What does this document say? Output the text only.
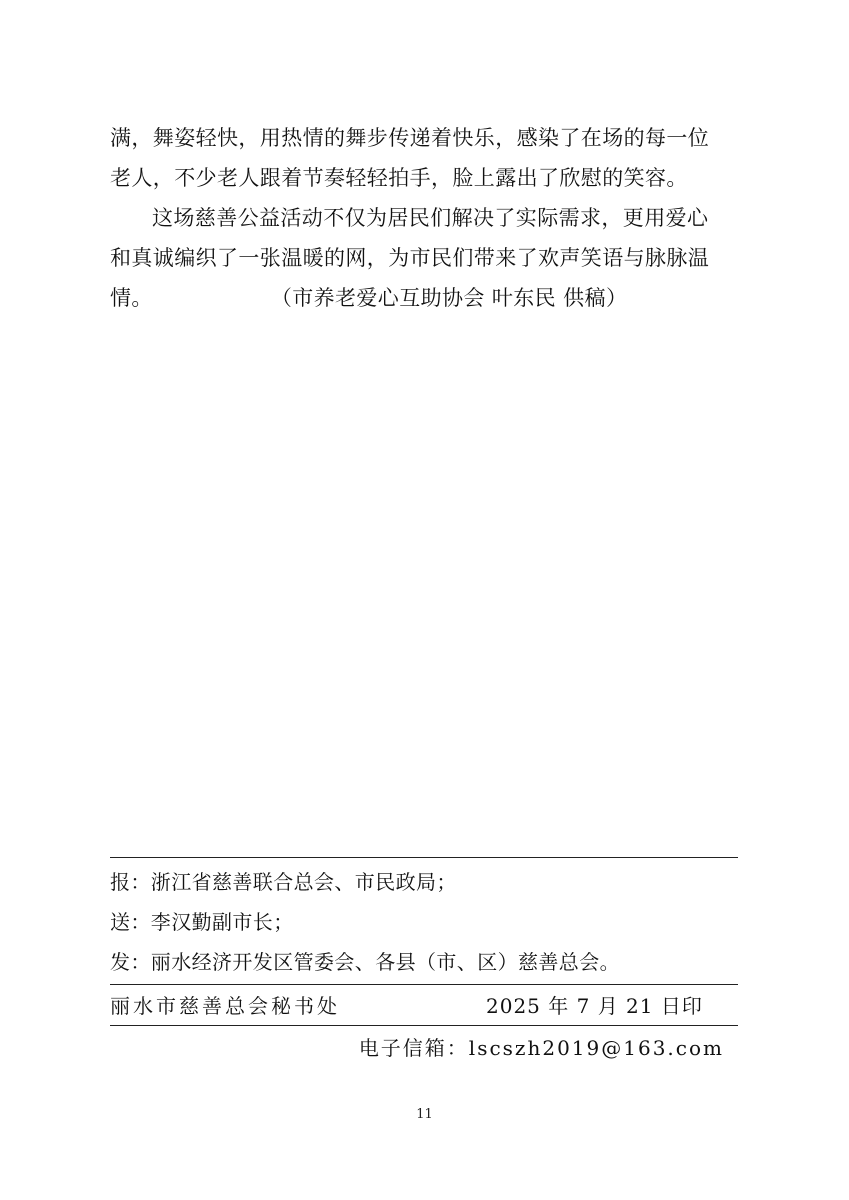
满，舞姿轻快，用热情的舞步传递着快乐，感染了在场的每一位
老人，不少老人跟着节奏轻轻拍手，脸上露出了欣慰的笑容。
这场慈善公益活动不仅为居民们解决了实际需求，更用爱心
和真诚编织了一张温暖的网，为市民们带来了欢声笑语与脉脉温
情。	（市养老爱心互助协会 叶东民 供稿）
报：浙江省慈善联合总会、市民政局；
送：李汉勤副市长；
发：丽水经济开发区管委会、各县（市、区）慈善总会。
丽水市慈善总会秘书处	2025 年 7 月 21 日印
电子信箱：lscszh2019@163.com
11
